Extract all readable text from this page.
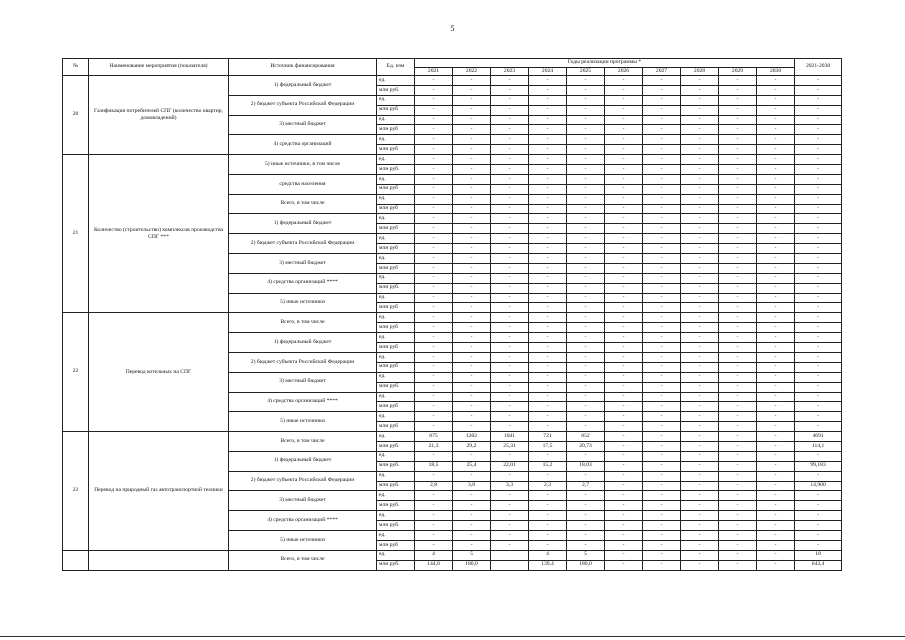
5
№	Наименование мероприятия (показателя)	Источник финансирования	Ед. изм	Годы реализации программы *										2021-2030
				2021	2022	2023	2024	2025	2026	2027	2028	2029	2030	
20	Газификация потребителей СПГ (количество квартир, домовладений)	1) федеральный бюджет	ед.	-	-	-	-	-	-	-	-	-	-	-
			млн руб.	-	-	-	-	-	-	-	-	-	-	-
		2) бюджет субъекта Российской Федерации	ед.	-	-	-	-	-	-	-	-	-	-	-
			млн руб	-	-	-	-	-	-	-	-	-	-	-
		3) местный бюджет	ед.	-	-	-	-	-	-	-	-	-	-	-
			млн руб	-	-	-	-	-	-	-	-	-	-	-
		4) средства организаций	ед.	-	-	-	-	-	-	-	-	-	-	-
			млн руб	-	-	-	-	-	-	-	-	-	-	-
21	Количество (строительство) комплексов производства СПГ ***	5) иные источники, в том числе	ед.	-	-	-	-	-	-	-	-	-	-	-
			млн руб.	-	-	-	-	-	-	-	-	-	-	-
		средства населения	ед.	-	-	-	-	-	-	-	-	-	-	-
			млн руб	-	-	-	-	-	-	-	-	-	-	-
		Всего, в том числе	ед.	-	-	-	-	-	-	-	-	-	-	-
			млн руб	-	-	-	-	-	-	-	-	-	-	-
		1) федеральный бюджет	ед.	-	-	-	-	-	-	-	-	-	-	-
			млн руб	-	-	-	-	-	-	-	-	-	-	-
		2) бюджет субъекта Российской Федерации	ед.	-	-	-	-	-	-	-	-	-	-	-
			млн руб	-	-	-	-	-	-	-	-	-	-	-
		3) местный бюджет	ед.	-	-	-	-	-	-	-	-	-	-	-
			млн руб	-	-	-	-	-	-	-	-	-	-	-
		4) средства организаций ****	ед.	-	-	-	-	-	-	-	-	-	-	-
			млн руб.	-	-	-	-	-	-	-	-	-	-	-
		5) иные источники	ед.	-	-	-	-	-	-	-	-	-	-	-
			млн руб	-	-	-	-	-	-	-	-	-	-	-
22	Перевод котельных на СПГ	Всего, в том числе	ед.	-	-	-	-	-	-	-	-	-	-	-
			млн руб	-	-	-	-	-	-	-	-	-	-	-
		1) федеральный бюджет	ед.	-	-	-	-	-	-	-	-	-	-	-
			млн руб	-	-	-	-	-	-	-	-	-	-	-
		2) бюджет субъекта Российской Федерации	ед.	-	-	-	-	-	-	-	-	-	-	-
			млн руб	-	-	-	-	-	-	-	-	-	-	-
		3) местный бюджет	ед.	-	-	-	-	-	-	-	-	-	-	-
			млн руб.	-	-	-	-	-	-	-	-	-	-	-
		4) средства организаций ****	ед.	-	-	-	-	-	-	-	-	-	-	-
			млн руб	-	-	-	-	-	-	-	-	-	-	-
		5) иные источники	ед.	-	-	-	-	-	-	-	-	-	-	-
			млн руб	-	-	-	-	-	-	-	-	-	-	-
23	Перевод на природный газ автотранспортной техники	Всего, в том числе	ед.	875	1202	1041	721	852	-	-	-	-	-	4691
			млн руб.	21,3	29,2	25,31	17,5	20,73	-	-	-	-	-	114,1
		1) федеральный бюджет	ед.	-	-	-	-	-	-	-	-	-	-	-
			млн руб.	18,5	25,4	22,01	15,2	18,03	-	-	-	-	-	99,183
		2) бюджет субъекта Российской Федерации	ед.	-	-	-	-	-	-	-	-	-	-	-
			млн руб.	2,8	3,8	3,3	2,3	2,7	-	-	-	-	-	14,900
		3) местный бюджет	ед.	-	-	-	-	-	-	-	-	-	-	-
			млн руб.	-	-	-	-	-	-	-	-	-	-	-
		4) средства организаций ****	ед.	-	-	-	-	-	-	-	-	-	-	-
			млн руб.	-	-	-	-	-	-	-	-	-	-	-
		5) иные источники	ед.	-	-	-	-	-	-	-	-	-	-	-
			млн руб	-	-	-	-	-	-	-	-	-	-	-
		Всего, в том числе	ед.	4	5		4	5	-	-	-	-	-	18
			млн руб.	144,0	180,0		139,4	180,0	-	-	-	-	-	643,4
